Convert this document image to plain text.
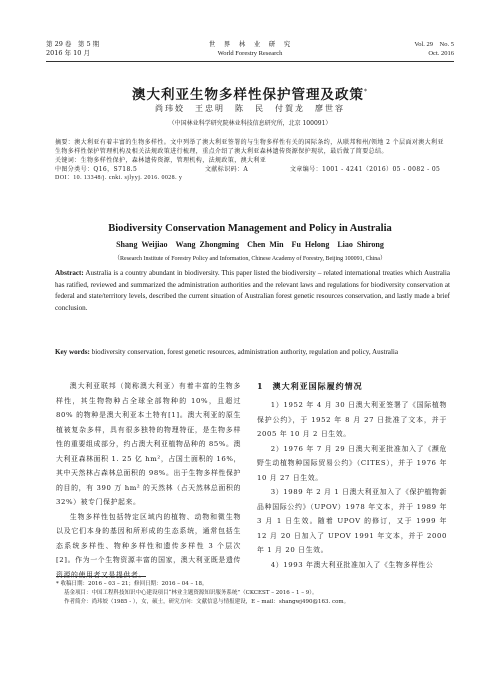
第 29 卷　第 5 期
2016 年 10 月
世　界　林　业　研　究
World Forestry Research
Vol. 29　No. 5
Oct. 2016
澳大利亚生物多样性保护管理及政策*
尚玮姣　王忠明　陈　民　付賀龙　廖世容
（中国林业科学研究院林业科技信息研究所，北京 100091）
摘要：澳大利亚有着丰富的生物多样性。文中列举了澳大利亚签署的与生物多样性有关的国际条约，从联邦和州/领地 2 个层面对澳大利亚生物多样性保护管理机构及相关法规政策进行梳理，重点介绍了澳大利亚森林遗传资源保护现状，最后做了简要总结。
关键词：生物多样性保护，森林遗传资源，管理机构，法规政策，澳大利亚
中图分类号：Q16，S718.5	文献标识码：A	文章编号：1001 - 4241（2016）05 - 0082 - 05
DOI：10. 13348/j. cnki. sjlyyj. 2016. 0028. y
Biodiversity Conservation Management and Policy in Australia
Shang Weijiao　Wang Zhongming　Chen Min　Fu Helong　Liao Shirong
（Research Institute of Forestry Policy and Information, Chinese Academy of Forestry, Beijing 100091, China）
Abstract: Australia is a country abundant in biodiversity. This paper listed the biodiversity – related international treaties which Australia has ratified, reviewed and summarized the administration authorities and the relevant laws and regulations for biodiversity conservation at federal and state/territory levels, described the current situation of Australian forest genetic resources conservation, and lastly made a brief conclusion.
Key words: biodiversity conservation, forest genetic resources, administration authority, regulation and policy, Australia

澳大利亚联邦（简称澳大利亚）有着丰富的生物多样性，其生物物种占全球全部物种的 10%，且超过 80% 的物种是澳大利亚本土特有[1]。澳大利亚的原生植被复杂多样，具有很多独特的物理特征，是生物多样性的重要组成部分，约占澳大利亚植物品种的 85%。澳大利亚森林面积 1. 25 亿 hm²，占国土面积的 16%，其中天然林占森林总面积的 98%。出于生物多样性保护的目的，有 390 万 hm² 的天然林（占天然林总面积的 32%）被专门保护起来。

生物多样性包括特定区域内的植物、动物和微生物以及它们本身的基因和所形成的生态系统，通常包括生态系统多样性、物种多样性和遗传多样性 3 个层次[2]。作为一个生物资源丰富的国家，澳大利亚既是遗传资源的使用者又是提供者。

1　澳大利亚国际履约情况

1）1952 年 4 月 30 日澳大利亚签署了《国际植物保护公约》，于 1952 年 8 月 27 日批准了文本，并于 2005 年 10 月 2 日生效。

2）1976 年 7 月 29 日澳大利亚批准加入了《濒危野生动植物种国际贸易公约》（CITES），并于 1976 年 10 月 27 日生效。

3）1989 年 2 月 1 日澳大利亚加入了《保护植物新品种国际公约》（UPOV）1978 年文本，并于 1989 年 3 月 1 日生效。随着 UPOV 的修订，又于 1999 年 12 月 20 日加入了 UPOV 1991 年文本，并于 2000 年 1 月 20 日生效。

4）1993 年澳大利亚批准加入了《生物多样性公

* 收稿日期：2016 – 03 – 21；修回日期：2016 – 04 – 18。
基金项目：中国工程科技知识中心建设项目“林业主题资源知识服务系统”（CKCEST – 2016 – 1 – 9）。
作者简介：尚玮姣（1985 - ），女，硕士，研究方向：文献信息与情报建设，E – mail：shangwj490@163. com。
